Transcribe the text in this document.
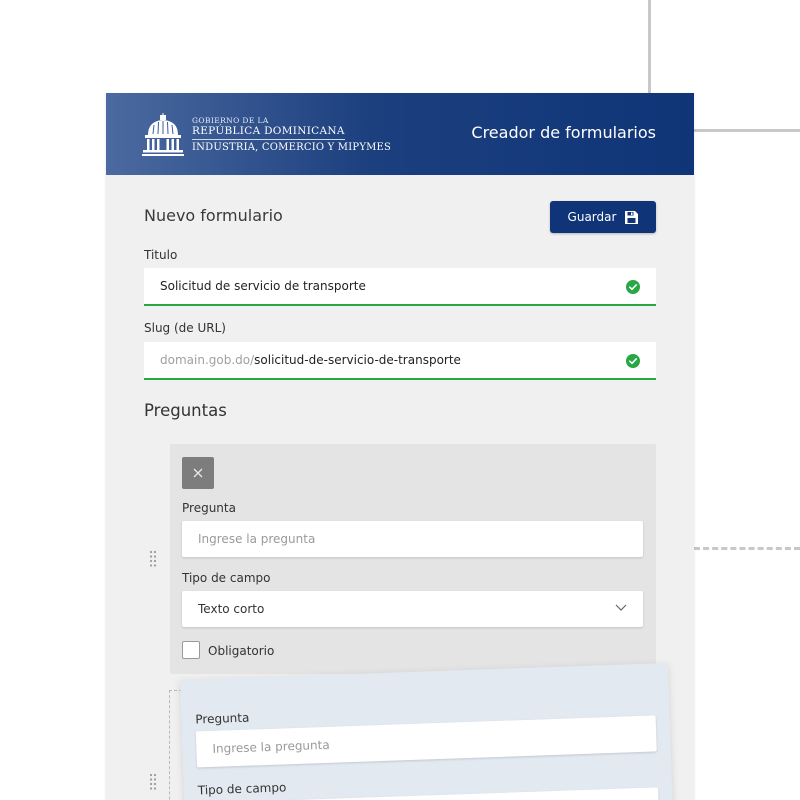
GOBIERNO DE LA
REPÚBLICA DOMINICANA
INDUSTRIA, COMERCIO Y MIPYMES
Creador de formularios
Nuevo formulario	Guardar
Titulo
Solicitud de servicio de transporte
Slug (de URL)
domain.gob.do/ solicitud-de-servicio-de-transporte
Preguntas
Pregunta
Ingrese la pregunta
Tipo de campo
Texto corto
Obligatorio
Pregunta
Ingrese la pregunta
Tipo de campo
